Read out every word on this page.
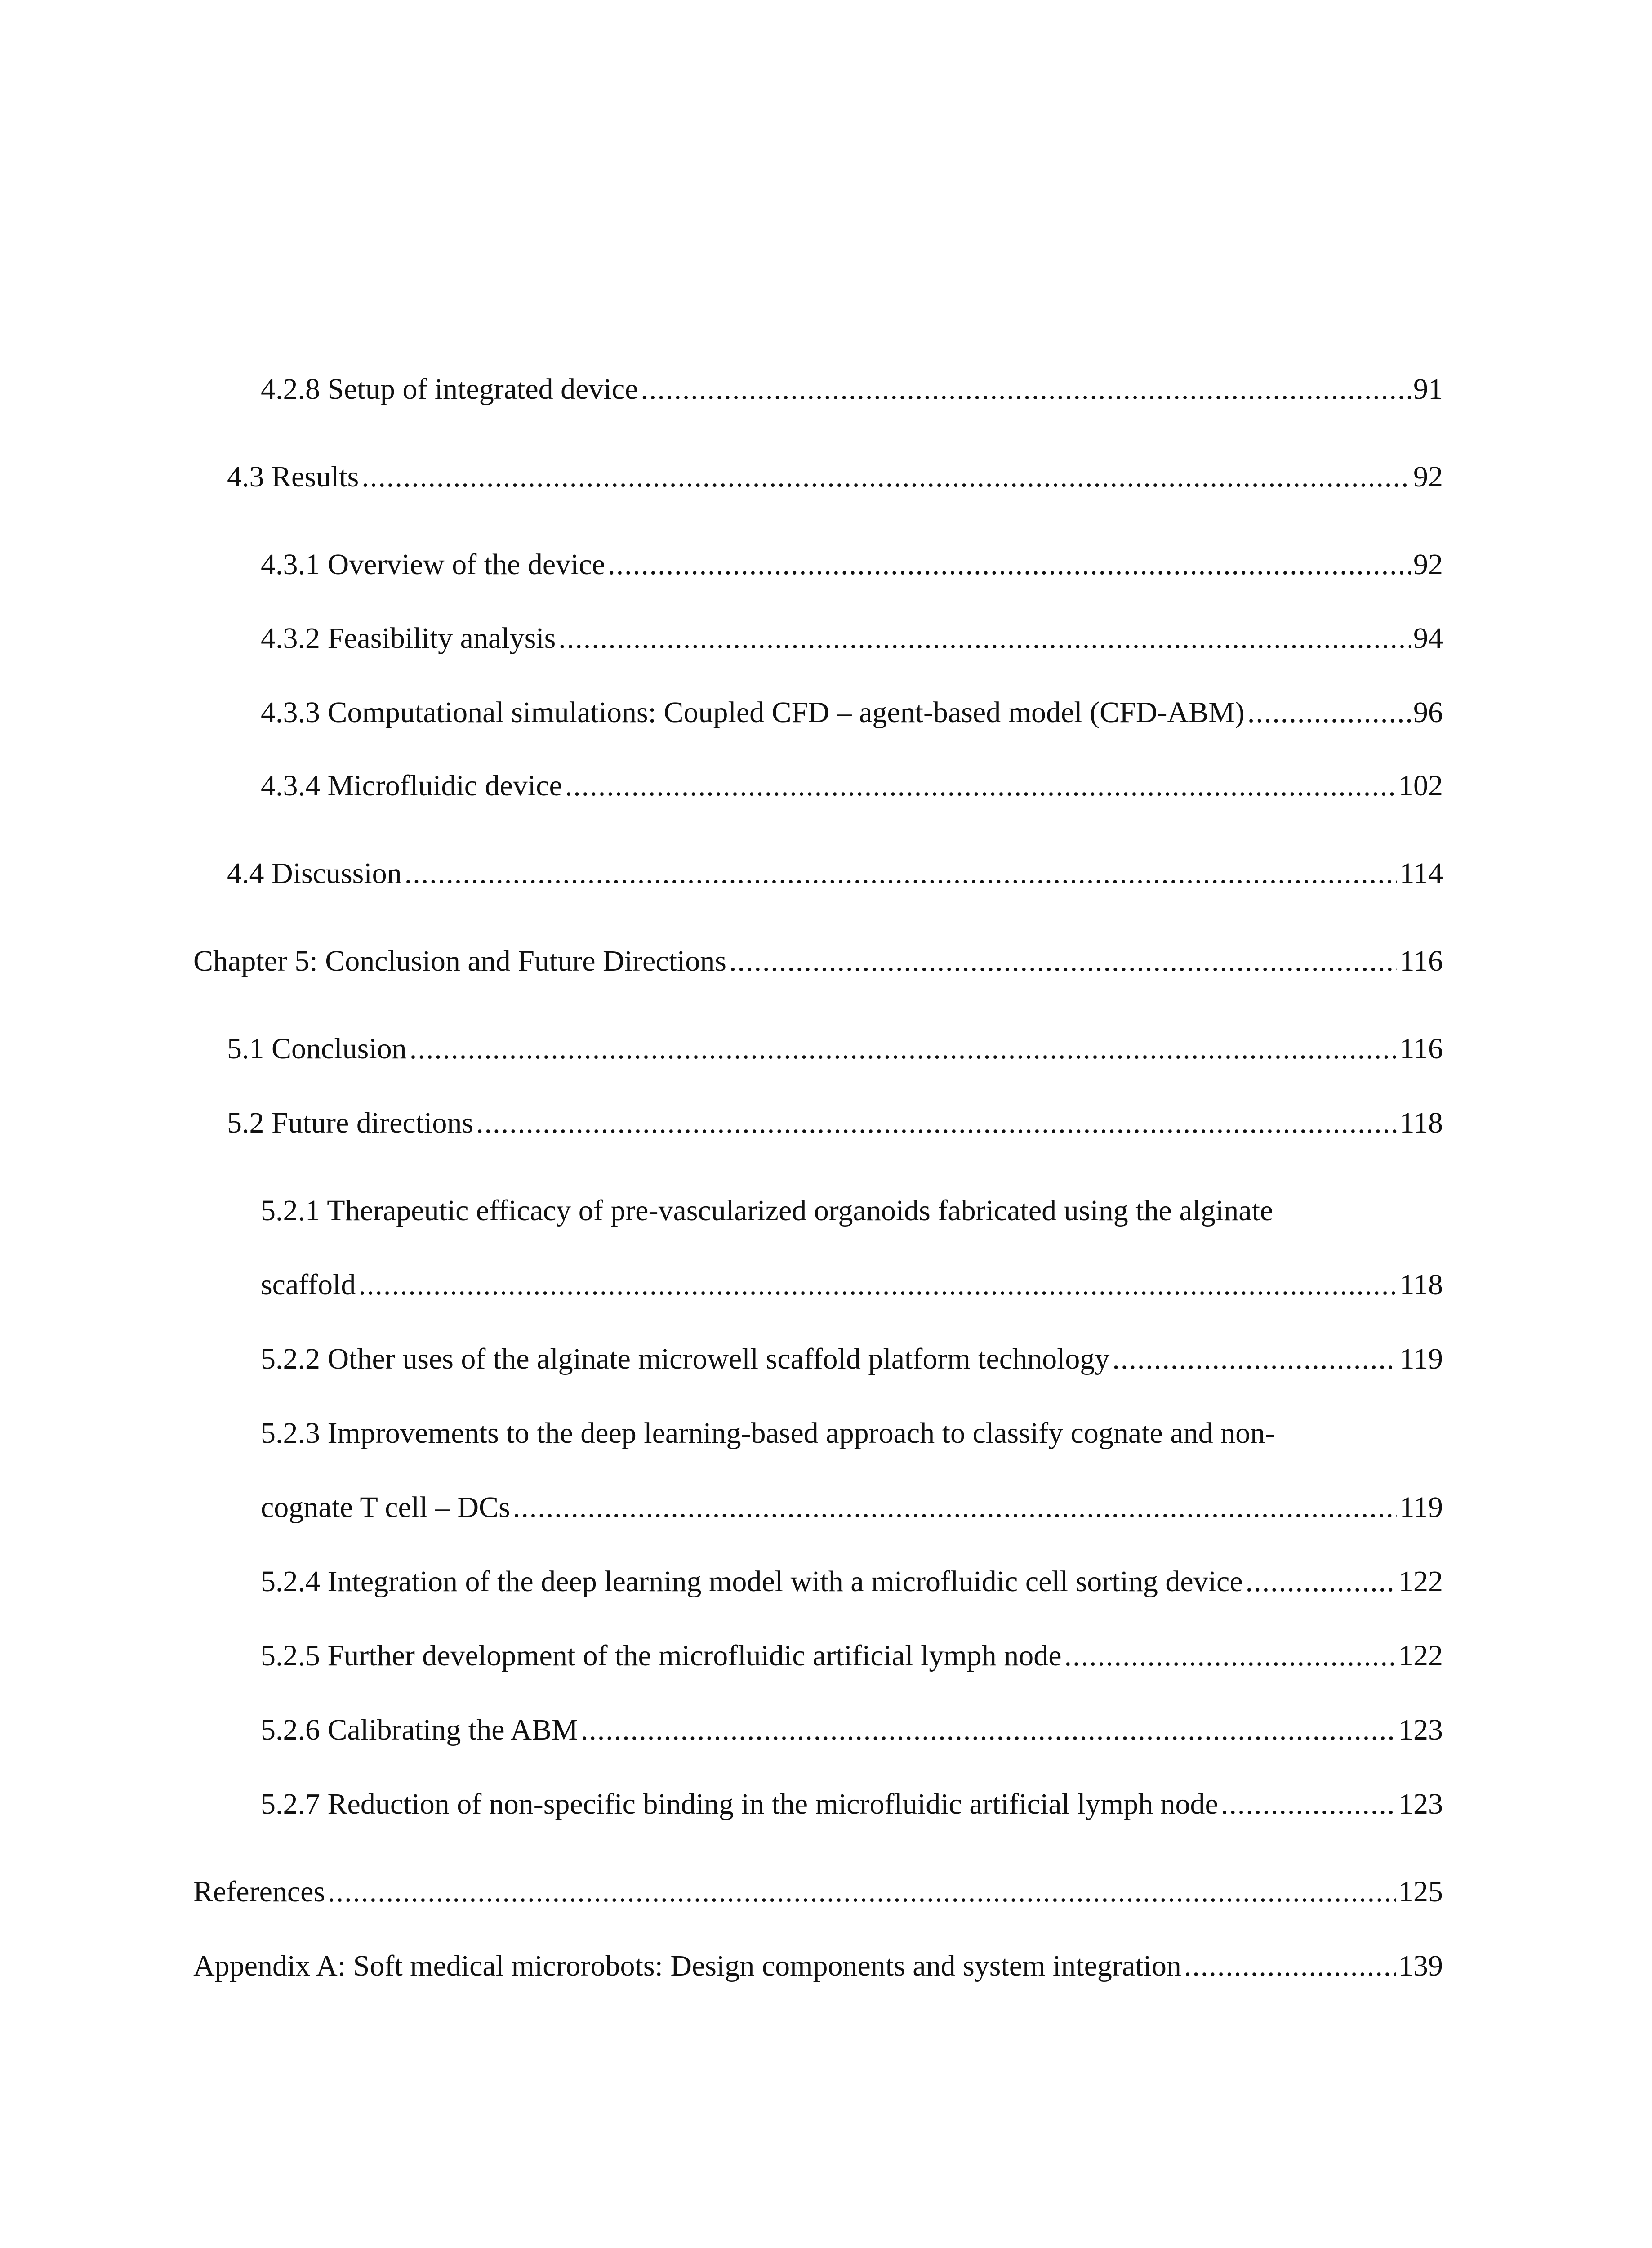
4.2.8 Setup of integrated device .....	91
4.3 Results .....	92
4.3.1 Overview of the device .....	92
4.3.2 Feasibility analysis .....	94
4.3.3 Computational simulations: Coupled CFD – agent-based model (CFD-ABM) .....	96
4.3.4 Microfluidic device .....	102
4.4 Discussion .....	114
Chapter 5: Conclusion and Future Directions .....	116
5.1 Conclusion .....	116
5.2 Future directions .....	118
5.2.1 Therapeutic efficacy of pre-vascularized organoids fabricated using the alginate
scaffold .....	118
5.2.2 Other uses of the alginate microwell scaffold platform technology .....	119
5.2.3 Improvements to the deep learning-based approach to classify cognate and non-
cognate T cell – DCs .....	119
5.2.4 Integration of the deep learning model with a microfluidic cell sorting device .....	122
5.2.5 Further development of the microfluidic artificial lymph node .....	122
5.2.6 Calibrating the ABM .....	123
5.2.7 Reduction of non-specific binding in the microfluidic artificial lymph node .....	123
References .....	125
Appendix A: Soft medical microrobots: Design components and system integration .....	139
